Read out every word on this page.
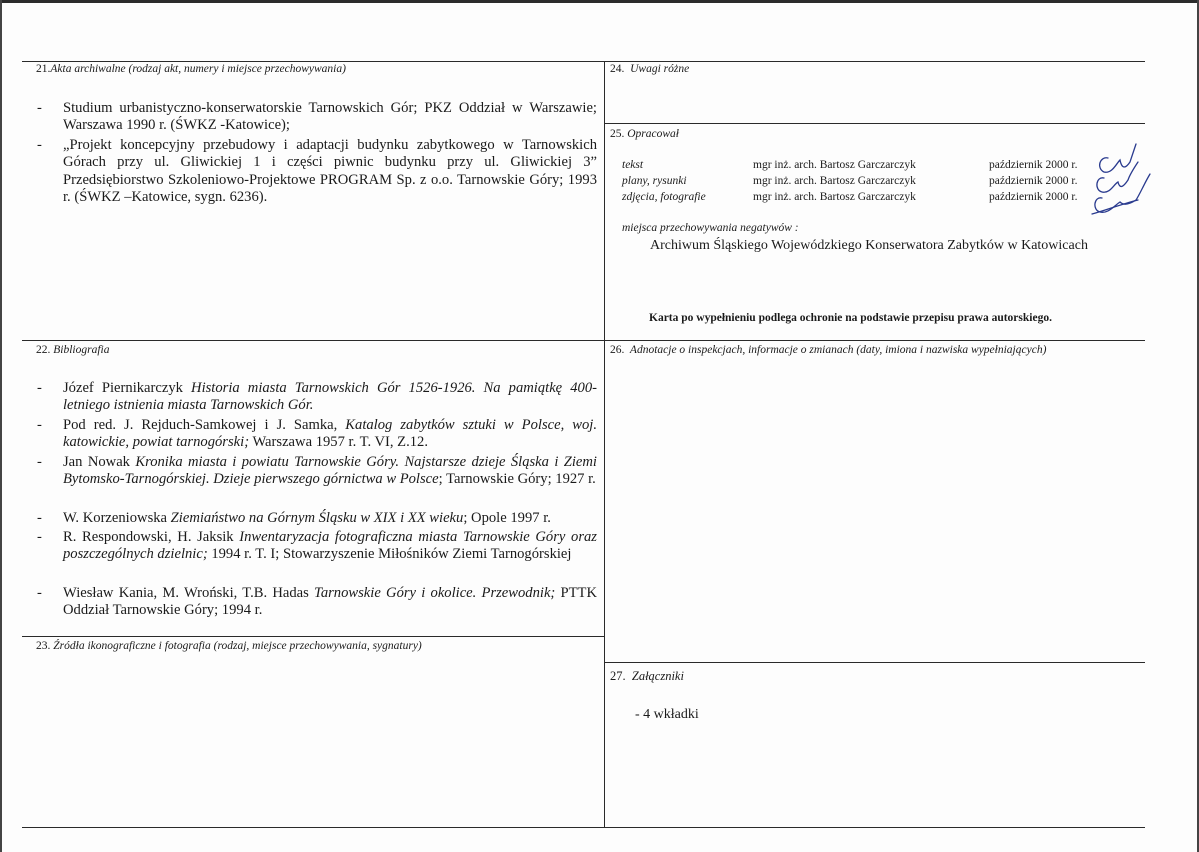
21.Akta archiwalne (rodzaj akt, numery i miejsce przechowywania)
- Studium urbanistyczno-konserwatorskie Tarnowskich Gór; PKZ Oddział w Warszawie; Warszawa 1990 r. (ŚWKZ -Katowice);
- „Projekt koncepcyjny przebudowy i adaptacji budynku zabytkowego w Tarnowskich Górach przy ul. Gliwickiej 1 i części piwnic budynku przy ul. Gliwickiej 3” Przedsiębiorstwo Szkoleniowo-Projektowe PROGRAM Sp. z o.o. Tarnowskie Góry; 1993 r. (ŚWKZ –Katowice, sygn. 6236).
22. Bibliografia
- Józef Piernikarczyk Historia miasta Tarnowskich Gór 1526-1926. Na pamiątkę 400-letniego istnienia miasta Tarnowskich Gór.
- Pod red. J. Rejduch-Samkowej i J. Samka, Katalog zabytków sztuki w Polsce, woj. katowickie, powiat tarnogórski; Warszawa 1957 r. T. VI, Z.12.
- Jan Nowak Kronika miasta i powiatu Tarnowskie Góry. Najstarsze dzieje Śląska i Ziemi Bytomsko-Tarnogórskiej. Dzieje pierwszego górnictwa w Polsce; Tarnowskie Góry; 1927 r.
- W. Korzeniowska Ziemiaństwo na Górnym Śląsku w XIX i XX wieku; Opole 1997 r.
- R. Respondowski, H. Jaksik Inwentaryzacja fotograficzna miasta Tarnowskie Góry oraz poszczególnych dzielnic; 1994 r. T. I; Stowarzyszenie Miłośników Ziemi Tarnogórskiej
- Wiesław Kania, M. Wroński, T.B. Hadas Tarnowskie Góry i okolice. Przewodnik; PTTK Oddział Tarnowskie Góry; 1994 r.
23. Źródła ikonograficzne i fotografia (rodzaj, miejsce przechowywania, sygnatury)
24. Uwagi różne
25. Opracował
tekst	mgr inż. arch. Bartosz Garczarczyk	październik 2000 r.
plany, rysunki	mgr inż. arch. Bartosz Garczarczyk	październik 2000 r.
zdjęcia, fotografie	mgr inż. arch. Bartosz Garczarczyk	październik 2000 r.
miejsca przechowywania negatywów :
Archiwum Śląskiego Wojewódzkiego Konserwatora Zabytków w Katowicach
Karta po wypełnieniu podlega ochronie na podstawie przepisu prawa autorskiego.
26. Adnotacje o inspekcjach, informacje o zmianach (daty, imiona i nazwiska wypełniających)
27. Załączniki
- 4 wkładki
